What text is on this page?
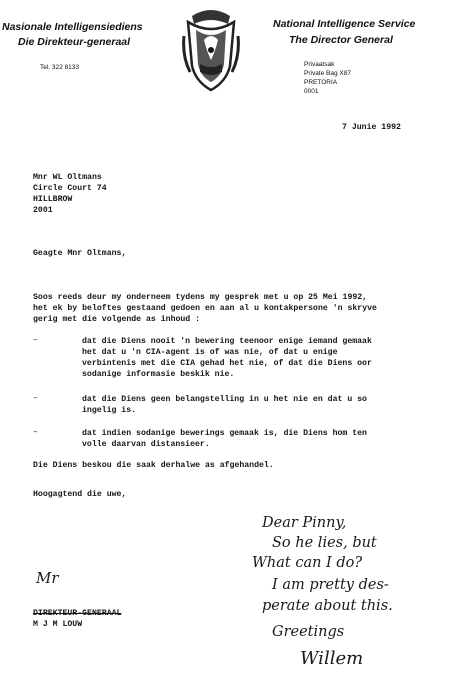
Nasionale Intelligensiediens
Die Direkteur-generaal
Tel. 322 8133
National Intelligence Service
The Director General
Privaatsak
Private Bag X87
PRETORIA
0001
7 Junie 1992
Mnr WL Oltmans
Circle Court 74
HILLBROW
2001
Geagte Mnr Oltmans,
Soos reeds deur my onderneem tydens my gesprek met u op 25 Mei 1992,
het ek by beloftes gestaand gedoen en aan al u kontakpersone 'n skryve
gerig met die volgende as inhoud :
–	dat die Diens nooit 'n bewering teenoor enige iemand gemaak
het dat u 'n CIA-agent is of was nie, of dat u enige
verbintenis met die CIA gehad het nie, of dat die Diens oor
sodanige informasie beskik nie.
–	dat die Diens geen belangstelling in u het nie en dat u so
ingelig is.
–	dat indien sodanige bewerings gemaak is, die Diens hom ten
volle daarvan distansieer.
Die Diens beskou die saak derhalwe as afgehandel.
Hoogagtend die uwe,
Mr
DIREKTEUR-GENERAAL
M J M LOUW
Dear Pinny,
So he lies, but
What can I do?
I am pretty des-
perate about this.
Greetings
Willem
